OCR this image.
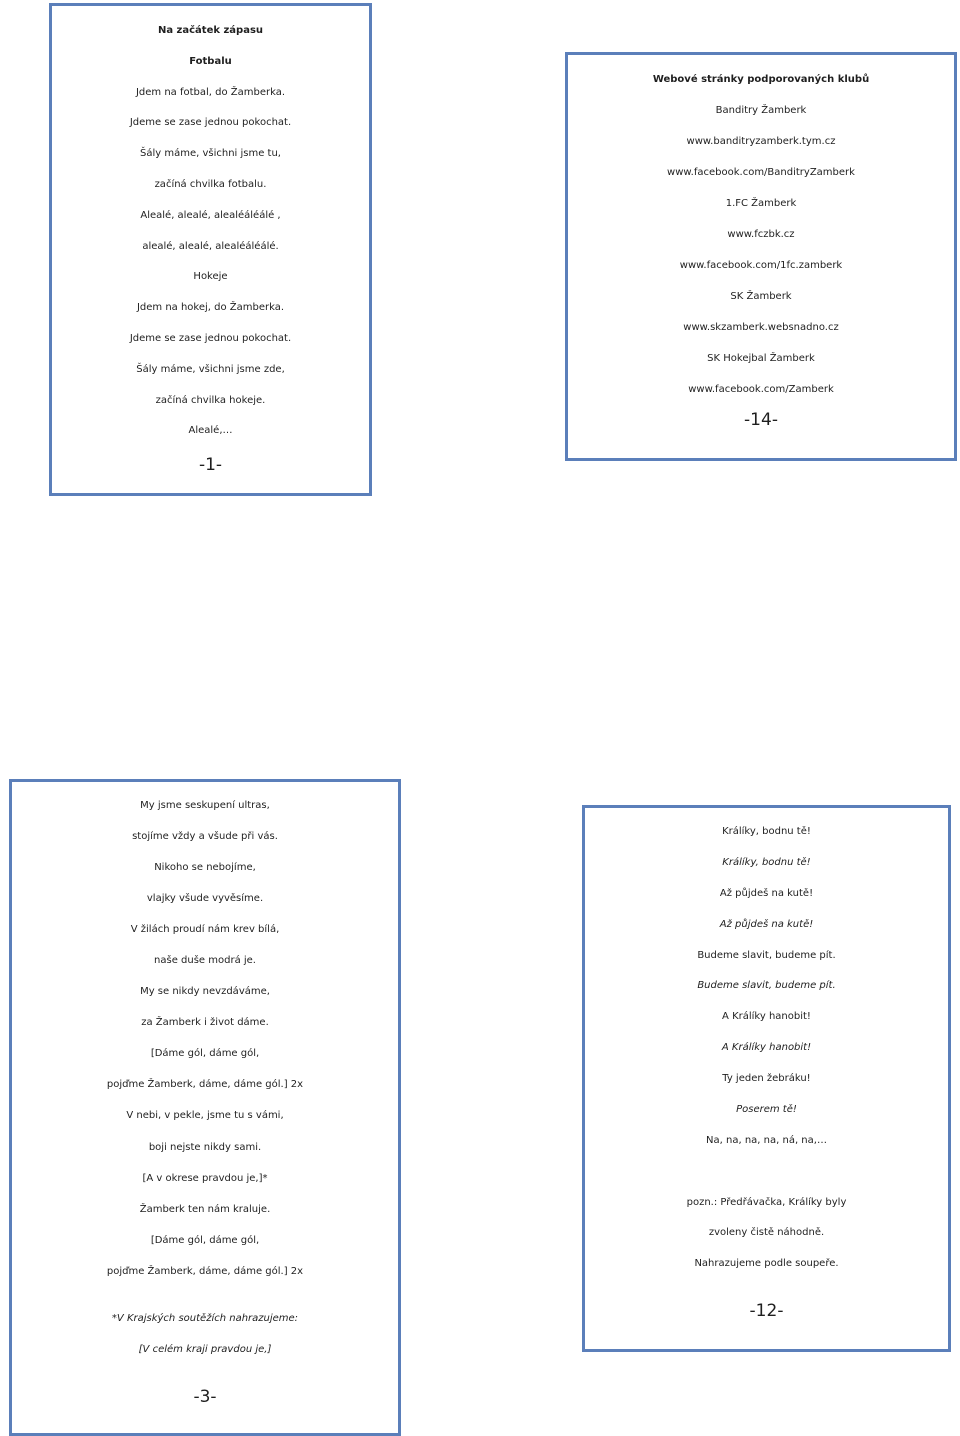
Na začátek zápasu
Fotbalu
Jdem na fotbal, do Žamberka.
Jdeme se zase jednou pokochat.
Šály máme, všichni jsme tu,
začíná chvilka fotbalu.
Alealé, alealé, alealéáléálé ,
alealé, alealé, alealéáléálé.
Hokeje
Jdem na hokej, do Žamberka.
Jdeme se zase jednou pokochat.
Šály máme, všichni jsme zde,
začíná chvilka hokeje.
Alealé,…
-1-
Webové stránky podporovaných klubů
Banditry Žamberk
www.banditryzamberk.tym.cz
www.facebook.com/BanditryZamberk
1.FC Žamberk
www.fczbk.cz
www.facebook.com/1fc.zamberk
SK Žamberk
www.skzamberk.websnadno.cz
SK Hokejbal Žamberk
www.facebook.com/Zamberk
-14-
My jsme seskupení ultras,
stojíme vždy a všude při vás.
Nikoho se nebojíme,
vlajky všude vyvěsíme.
V žilách proudí nám krev bílá,
naše duše modrá je.
My se nikdy nevzdáváme,
za Žamberk i život dáme.
[Dáme gól, dáme gól,
pojďme Žamberk, dáme, dáme gól.] 2x
V nebi, v pekle, jsme tu s vámi,
boji nejste nikdy sami.
[A v okrese pravdou je,]*
Žamberk ten nám kraluje.
[Dáme gól, dáme gól,
pojďme Žamberk, dáme, dáme gól.] 2x
*V Krajských soutěžích nahrazujeme:
[V celém kraji pravdou je,]
-3-
Králíky, bodnu tě!
Králíky, bodnu tě!
Až půjdeš na kutě!
Až půjdeš na kutě!
Budeme slavit, budeme pít.
Budeme slavit, budeme pít.
A Králíky hanobit!
A Králíky hanobit!
Ty jeden žebráku!
Poserem tě!
Na, na, na, na, ná, na,…
pozn.: Předřávačka, Králíky byly
zvoleny čistě náhodně.
Nahrazujeme podle soupeře.
-12-
